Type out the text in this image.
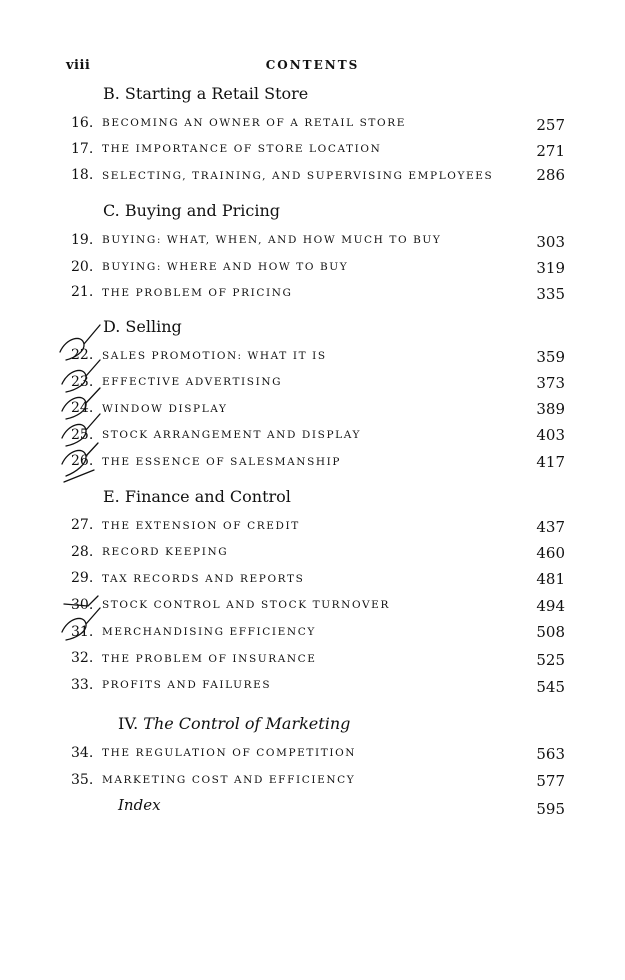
viii	CONTENTS
B. Starting a Retail Store
16. BECOMING AN OWNER OF A RETAIL STORE	257
17. THE IMPORTANCE OF STORE LOCATION	271
18. SELECTING, TRAINING, AND SUPERVISING EMPLOYEES	286
C. Buying and Pricing
19. BUYING: WHAT, WHEN, AND HOW MUCH TO BUY	303
20. BUYING: WHERE AND HOW TO BUY	319
21. THE PROBLEM OF PRICING	335
D. Selling
22. SALES PROMOTION: WHAT IT IS	359
23. EFFECTIVE ADVERTISING	373
24. WINDOW DISPLAY	389
25. STOCK ARRANGEMENT AND DISPLAY	403
26. THE ESSENCE OF SALESMANSHIP	417
E. Finance and Control
27. THE EXTENSION OF CREDIT	437
28. RECORD KEEPING	460
29. TAX RECORDS AND REPORTS	481
30. STOCK CONTROL AND STOCK TURNOVER	494
31. MERCHANDISING EFFICIENCY	508
32. THE PROBLEM OF INSURANCE	525
33. PROFITS AND FAILURES	545
IV. The Control of Marketing
34. THE REGULATION OF COMPETITION	563
35. MARKETING COST AND EFFICIENCY	577
Index	595
